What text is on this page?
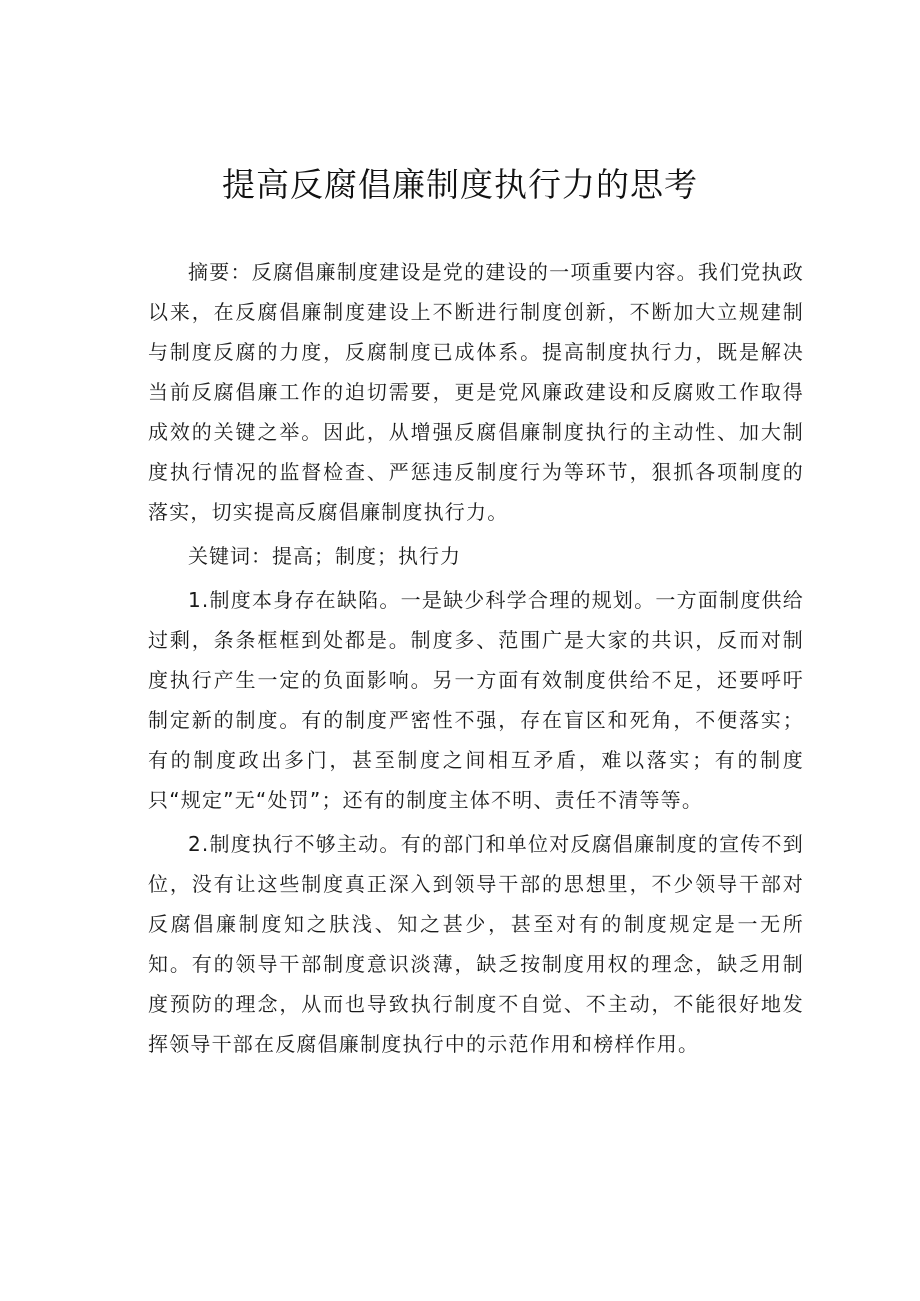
提高反腐倡廉制度执行力的思考

摘要：反腐倡廉制度建设是党的建设的一项重要内容。我们党执政以来，在反腐倡廉制度建设上不断进行制度创新，不断加大立规建制与制度反腐的力度，反腐制度已成体系。提高制度执行力，既是解决当前反腐倡廉工作的迫切需要，更是党风廉政建设和反腐败工作取得成效的关键之举。因此，从增强反腐倡廉制度执行的主动性、加大制度执行情况的监督检查、严惩违反制度行为等环节，狠抓各项制度的落实，切实提高反腐倡廉制度执行力。

关键词：提高；制度；执行力

1.制度本身存在缺陷。一是缺少科学合理的规划。一方面制度供给过剩，条条框框到处都是。制度多、范围广是大家的共识，反而对制度执行产生一定的负面影响。另一方面有效制度供给不足，还要呼吁制定新的制度。有的制度严密性不强，存在盲区和死角，不便落实；有的制度政出多门，甚至制度之间相互矛盾，难以落实；有的制度只“规定”无“处罚”；还有的制度主体不明、责任不清等等。

2.制度执行不够主动。有的部门和单位对反腐倡廉制度的宣传不到位，没有让这些制度真正深入到领导干部的思想里，不少领导干部对反腐倡廉制度知之肤浅、知之甚少，甚至对有的制度规定是一无所知。有的领导干部制度意识淡薄，缺乏按制度用权的理念，缺乏用制度预防的理念，从而也导致执行制度不自觉、不主动，不能很好地发挥领导干部在反腐倡廉制度执行中的示范作用和榜样作用。
